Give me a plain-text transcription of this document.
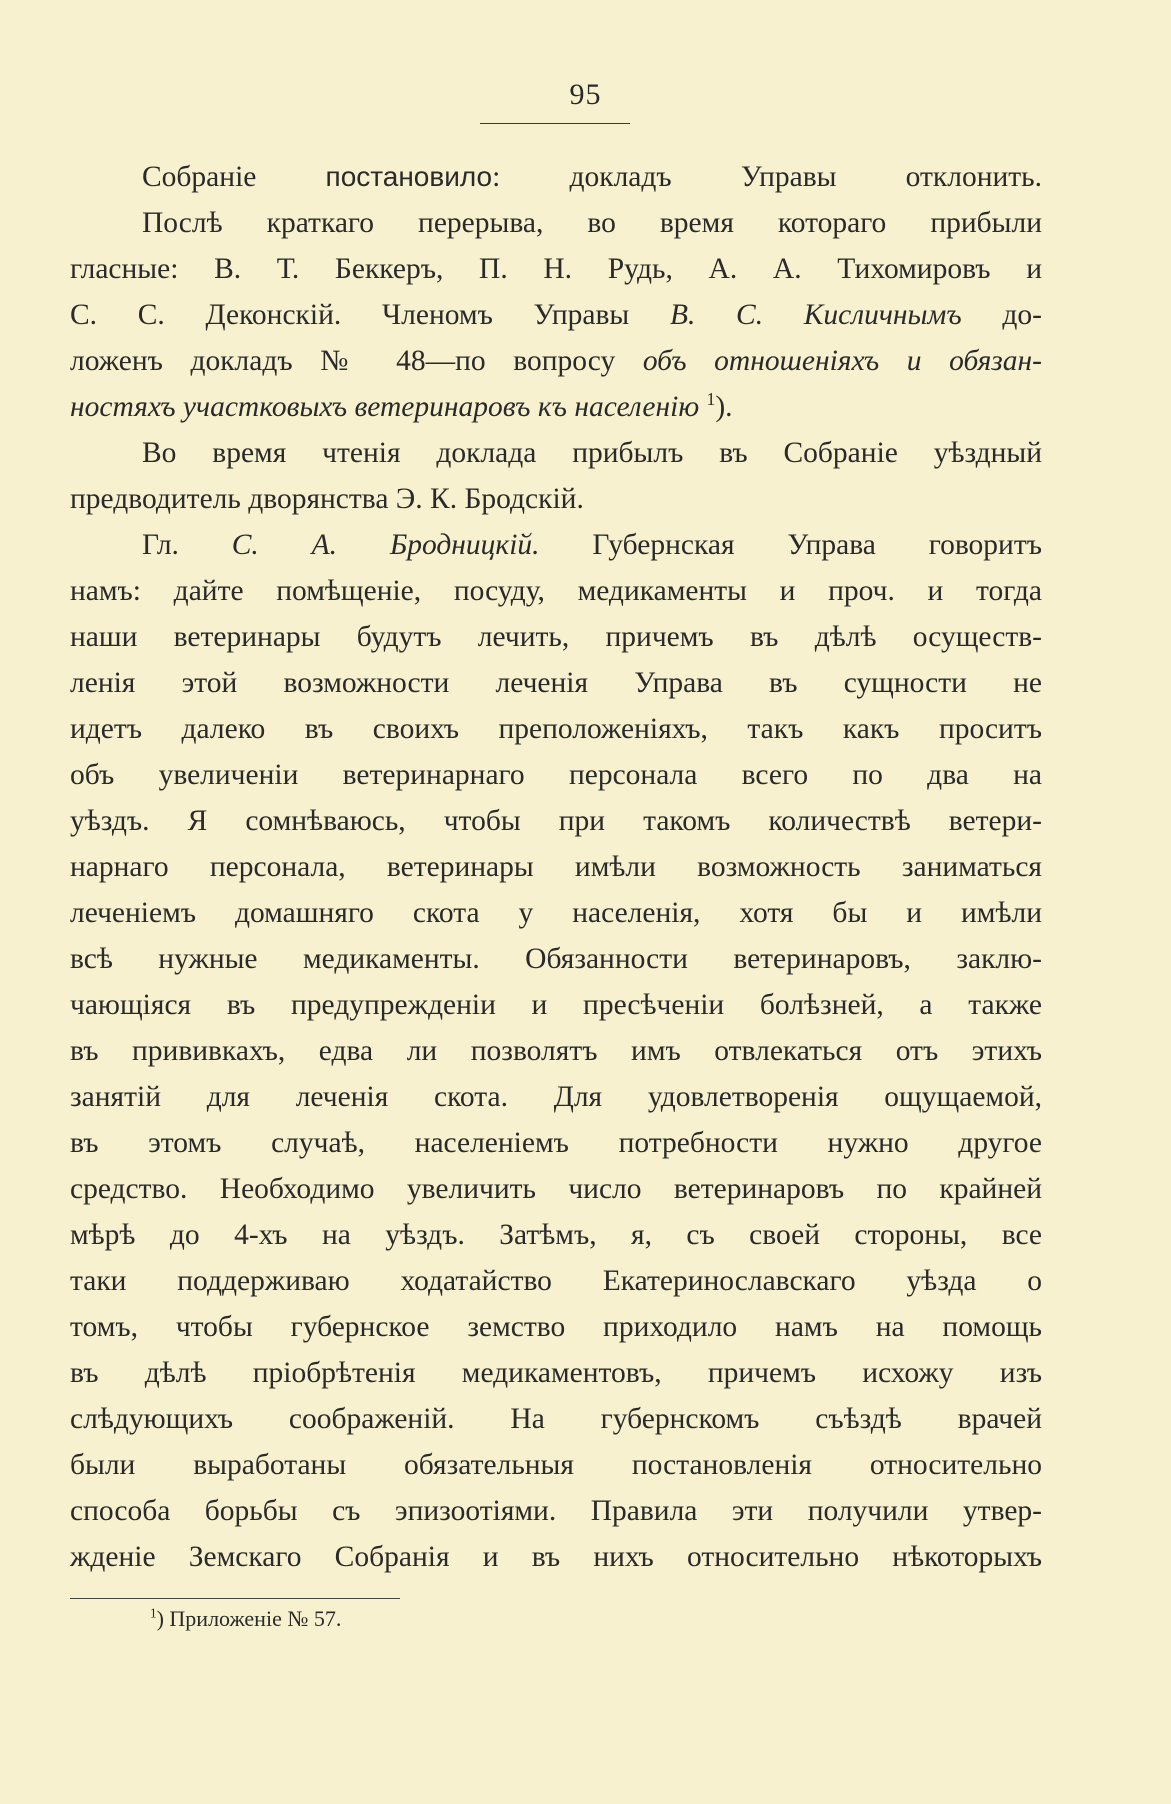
95
Собраніе постановило: докладъ Управы отклонить.
Послѣ краткаго перерыва, во время котораго прибыли
гласные: В. Т. Беккеръ, П. Н. Рудь, А. А. Тихомировъ и
С. С. Деконскій. Членомъ Управы В. С. Кисличнымъ до-
ложенъ докладъ № 48—по вопросу объ отношеніяхъ и обязан-
ностяхъ участковыхъ ветеринаровъ къ населенію $^1$).
Во время чтенія доклада прибылъ въ Собраніе уѣздный
предводитель дворянства Э. К. Бродскій.
Гл. С. А. Бродницкій. Губернская Управа говоритъ
намъ: дайте помѣщеніе, посуду, медикаменты и проч. и тогда
наши ветеринары будутъ лечить, причемъ въ дѣлѣ осуществ-
ленія этой возможности леченія Управа въ сущности не
идетъ далеко въ своихъ преположеніяхъ, такъ какъ проситъ
объ увеличеніи ветеринарнаго персонала всего по два на
уѣздъ. Я сомнѣваюсь, чтобы при такомъ количествѣ ветери-
нарнаго персонала, ветеринары имѣли возможность заниматься
леченіемъ домашняго скота у населенія, хотя бы и имѣли
всѣ нужные медикаменты. Обязанности ветеринаровъ, заклю-
чающіяся въ предупрежденіи и пресѣченіи болѣзней, а также
въ прививкахъ, едва ли позволятъ имъ отвлекаться отъ этихъ
занятій для леченія скота. Для удовлетворенія ощущаемой,
въ этомъ случаѣ, населеніемъ потребности нужно другое
средство. Необходимо увеличить число ветеринаровъ по крайней
мѣрѣ до 4-хъ на уѣздъ. Затѣмъ, я, съ своей стороны, все
таки поддерживаю ходатайство Екатеринославскаго уѣзда о
томъ, чтобы губернское земство приходило намъ на помощь
въ дѣлѣ пріобрѣтенія медикаментовъ, причемъ исхожу изъ
слѣдующихъ соображеній. На губернскомъ съѣздѣ врачей
были выработаны обязательныя постановленія относительно
способа борьбы съ эпизоотіями. Правила эти получили утвер-
жденіе Земскаго Собранія и въ нихъ относительно нѣкоторыхъ
$^1$) Приложеніе № 57.
